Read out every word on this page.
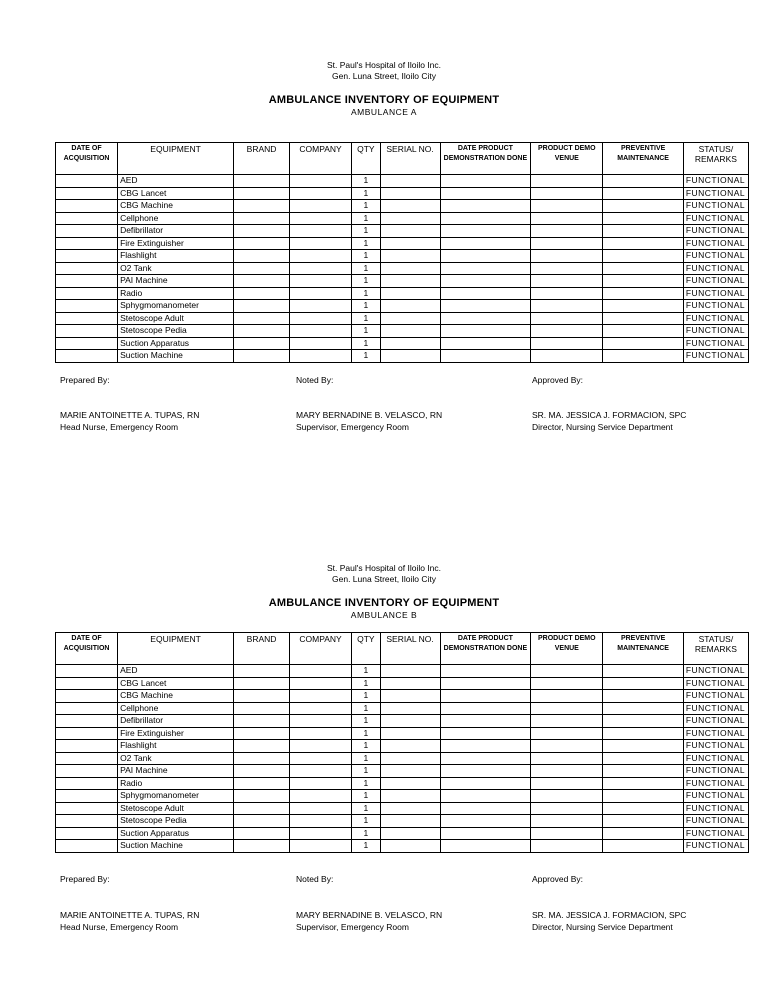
St. Paul's Hospital of Iloilo Inc.
Gen. Luna Street, Iloilo City
AMBULANCE INVENTORY OF EQUIPMENT
AMBULANCE A
DATE OF ACQUISITION	EQUIPMENT	BRAND	COMPANY	QTY	SERIAL NO.	DATE PRODUCT DEMONSTRATION DONE	PRODUCT DEMO VENUE	PREVENTIVE MAINTENANCE	STATUS/ REMARKS
	AED			1					FUNCTIONAL
	CBG Lancet			1					FUNCTIONAL
	CBG Machine			1					FUNCTIONAL
	Cellphone			1					FUNCTIONAL
	Defibrillator			1					FUNCTIONAL
	Fire Extinguisher			1					FUNCTIONAL
	Flashlight			1					FUNCTIONAL
	O2 Tank			1					FUNCTIONAL
	PAI Machine			1					FUNCTIONAL
	Radio			1					FUNCTIONAL
	Sphygmomanometer			1					FUNCTIONAL
	Stetoscope Adult			1					FUNCTIONAL
	Stetoscope Pedia			1					FUNCTIONAL
	Suction Apparatus			1					FUNCTIONAL
	Suction Machine			1					FUNCTIONAL
Prepared By:	Noted By:	Approved By:
MARIE ANTOINETTE A. TUPAS, RN
Head Nurse, Emergency Room
MARY BERNADINE B. VELASCO, RN
Supervisor, Emergency Room
SR. MA. JESSICA J. FORMACION, SPC
Director, Nursing Service Department
St. Paul's Hospital of Iloilo Inc.
Gen. Luna Street, Iloilo City
AMBULANCE INVENTORY OF EQUIPMENT
AMBULANCE B
DATE OF ACQUISITION	EQUIPMENT	BRAND	COMPANY	QTY	SERIAL NO.	DATE PRODUCT DEMONSTRATION DONE	PRODUCT DEMO VENUE	PREVENTIVE MAINTENANCE	STATUS/ REMARKS
	AED			1					FUNCTIONAL
	CBG Lancet			1					FUNCTIONAL
	CBG Machine			1					FUNCTIONAL
	Cellphone			1					FUNCTIONAL
	Defibrillator			1					FUNCTIONAL
	Fire Extinguisher			1					FUNCTIONAL
	Flashlight			1					FUNCTIONAL
	O2 Tank			1					FUNCTIONAL
	PAI Machine			1					FUNCTIONAL
	Radio			1					FUNCTIONAL
	Sphygmomanometer			1					FUNCTIONAL
	Stetoscope Adult			1					FUNCTIONAL
	Stetoscope Pedia			1					FUNCTIONAL
	Suction Apparatus			1					FUNCTIONAL
	Suction Machine			1					FUNCTIONAL
Prepared By:	Noted By:	Approved By:
MARIE ANTOINETTE A. TUPAS, RN
Head Nurse, Emergency Room
MARY BERNADINE B. VELASCO, RN
Supervisor, Emergency Room
SR. MA. JESSICA J. FORMACION, SPC
Director, Nursing Service Department
